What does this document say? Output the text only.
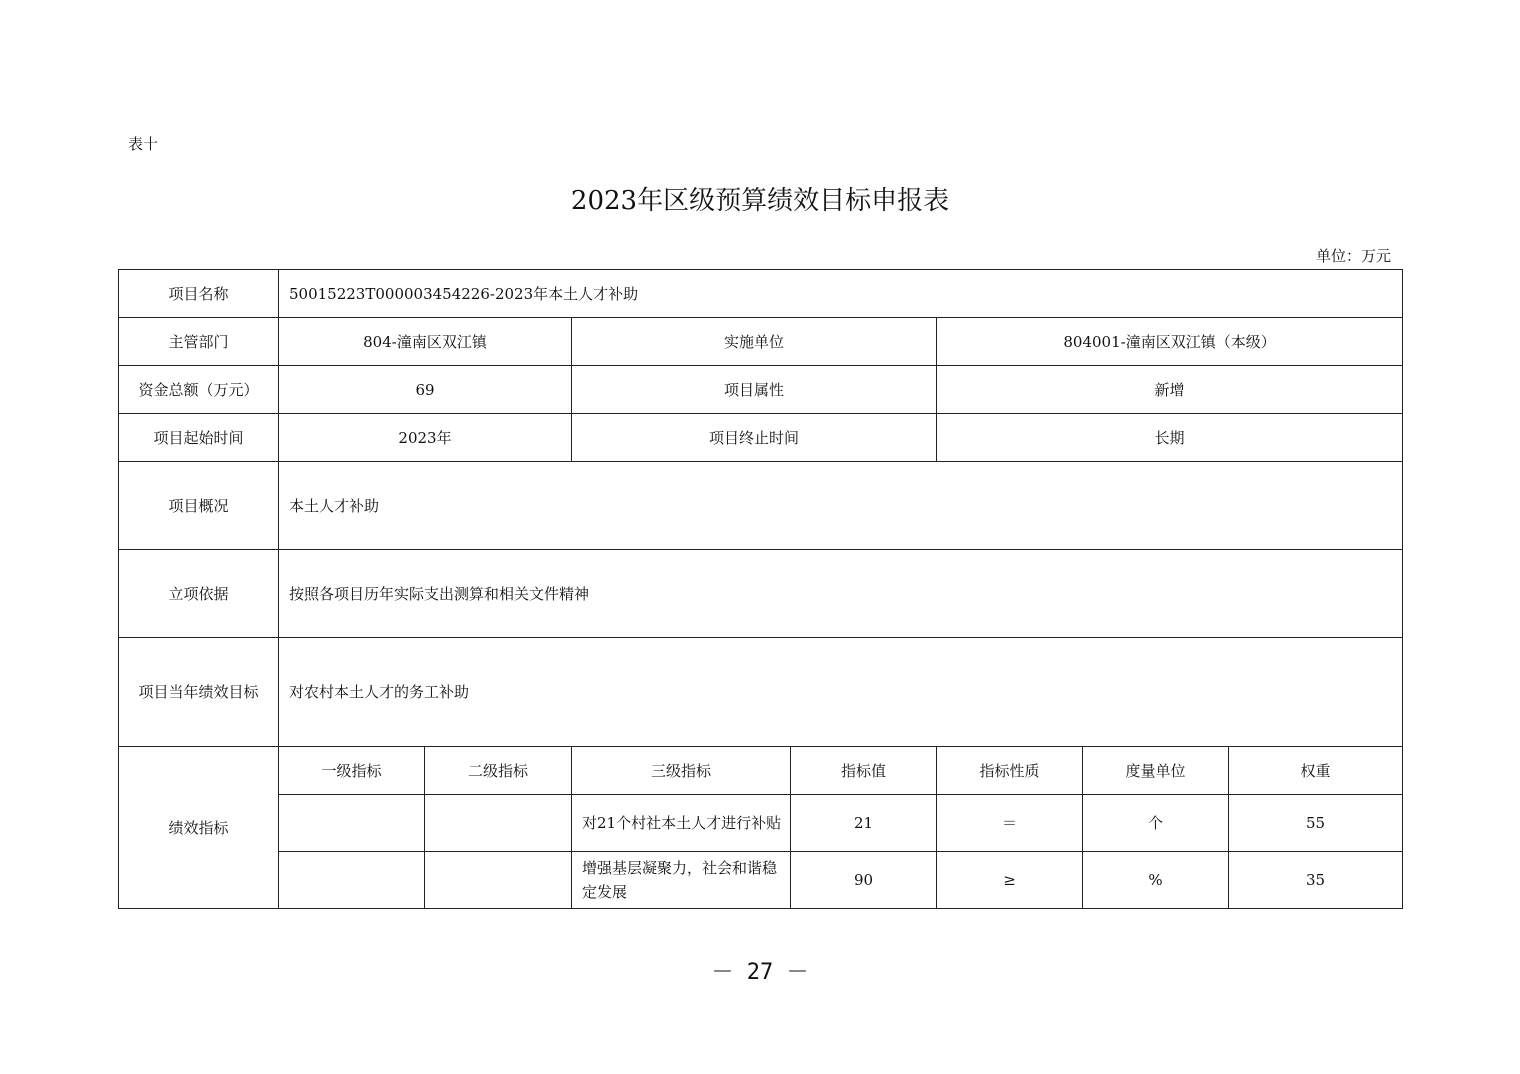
表十
2023年区级预算绩效目标申报表
单位：万元
项目名称	50015223T000003454226-2023年本土人才补助						
主管部门	804-潼南区双江镇		实施单位		804001-潼南区双江镇（本级）		
资金总额（万元）	69		项目属性		新增		
项目起始时间	2023年		项目终止时间		长期		
项目概况	本土人才补助						
立项依据	按照各项目历年实际支出测算和相关文件精神						
项目当年绩效目标	对农村本土人才的务工补助						
绩效指标	一级指标	二级指标	三级指标	指标值	指标性质	度量单位	权重
			对21个村社本土人才进行补贴	21	＝	个	55
			增强基层凝聚力，社会和谐稳定发展	90	≥	%	35
－ 27 －
